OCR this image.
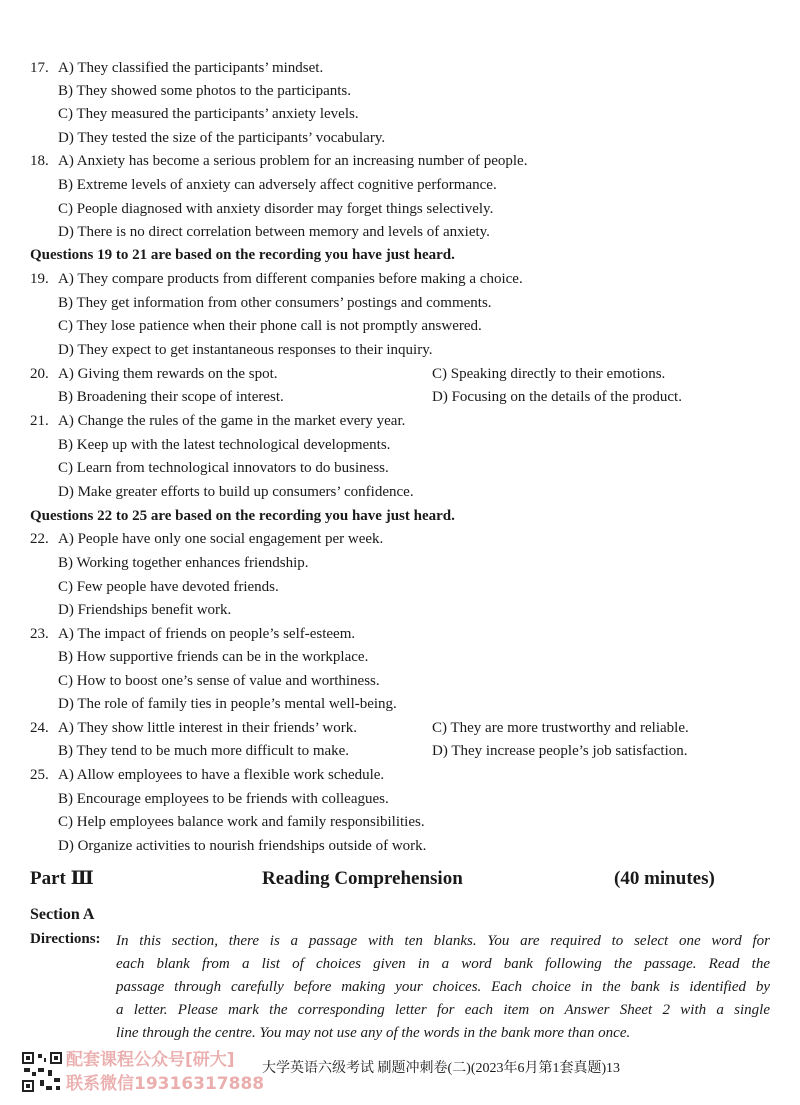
17. A) They classified the participants’ mindset.
B) They showed some photos to the participants.
C) They measured the participants’ anxiety levels.
D) They tested the size of the participants’ vocabulary.
18. A) Anxiety has become a serious problem for an increasing number of people.
B) Extreme levels of anxiety can adversely affect cognitive performance.
C) People diagnosed with anxiety disorder may forget things selectively.
D) There is no direct correlation between memory and levels of anxiety.
Questions 19 to 21 are based on the recording you have just heard.
19. A) They compare products from different companies before making a choice.
B) They get information from other consumers’ postings and comments.
C) They lose patience when their phone call is not promptly answered.
D) They expect to get instantaneous responses to their inquiry.
20. A) Giving them rewards on the spot.	C) Speaking directly to their emotions.
B) Broadening their scope of interest.	D) Focusing on the details of the product.
21. A) Change the rules of the game in the market every year.
B) Keep up with the latest technological developments.
C) Learn from technological innovators to do business.
D) Make greater efforts to build up consumers’ confidence.
Questions 22 to 25 are based on the recording you have just heard.
22. A) People have only one social engagement per week.
B) Working together enhances friendship.
C) Few people have devoted friends.
D) Friendships benefit work.
23. A) The impact of friends on people’s self-esteem.
B) How supportive friends can be in the workplace.
C) How to boost one’s sense of value and worthiness.
D) The role of family ties in people’s mental well-being.
24. A) They show little interest in their friends’ work.	C) They are more trustworthy and reliable.
B) They tend to be much more difficult to make.	D) They increase people’s job satisfaction.
25. A) Allow employees to have a flexible work schedule.
B) Encourage employees to be friends with colleagues.
C) Help employees balance work and family responsibilities.
D) Organize activities to nourish friendships outside of work.
Part Ⅲ	Reading Comprehension	(40 minutes)
Section A
Directions: In this section, there is a passage with ten blanks. You are required to select one word for
each blank from a list of choices given in a word bank following the passage. Read the
passage through carefully before making your choices. Each choice in the bank is identified by
a letter. Please mark the corresponding letter for each item on Answer Sheet 2 with a single
line through the centre. You may not use any of the words in the bank more than once.
配套课程公众号[研大]
联系微信19316317888
大学英语六级考试 刷题冲刺卷(二)(2023年6月第1套真题) 13
